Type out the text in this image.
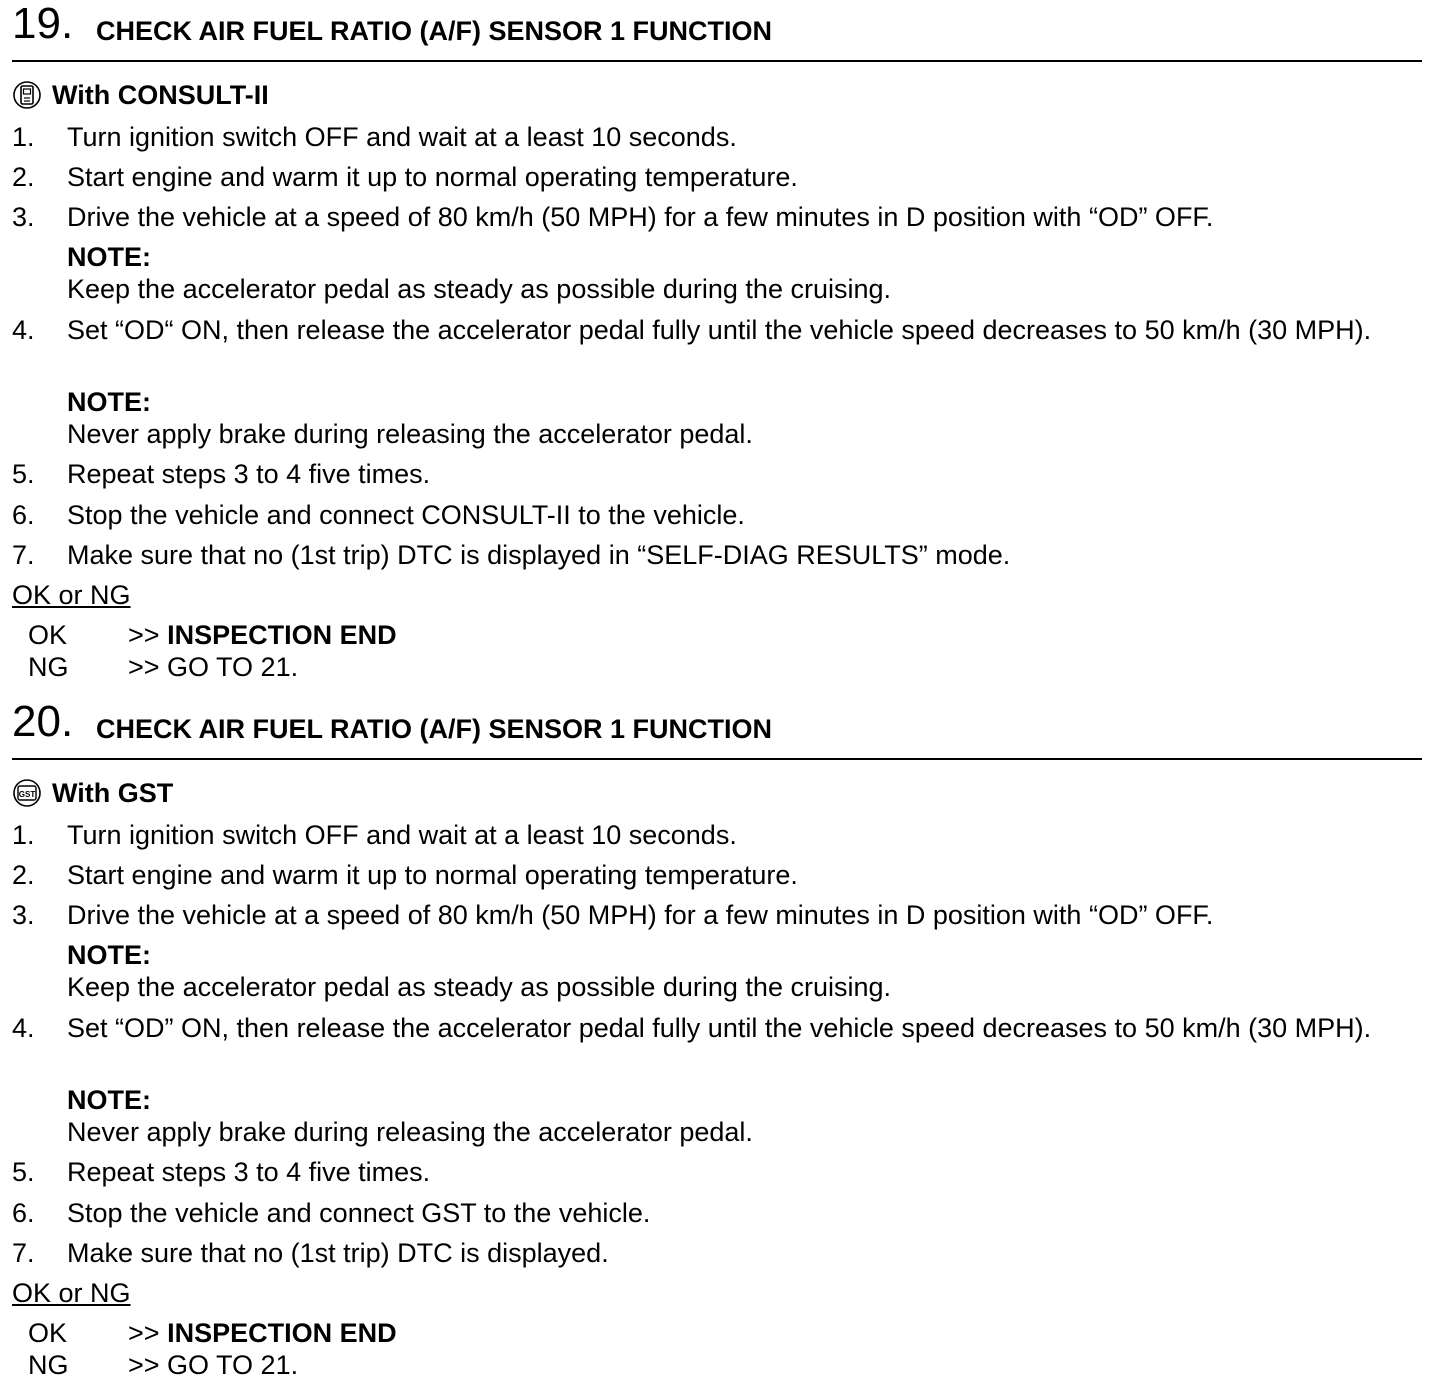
19. CHECK AIR FUEL RATIO (A/F) SENSOR 1 FUNCTION
With CONSULT-II
1. Turn ignition switch OFF and wait at a least 10 seconds.
2. Start engine and warm it up to normal operating temperature.
3. Drive the vehicle at a speed of 80 km/h (50 MPH) for a few minutes in D position with “OD” OFF.
NOTE:
Keep the accelerator pedal as steady as possible during the cruising.
4. Set “OD“ ON, then release the accelerator pedal fully until the vehicle speed decreases to 50 km/h (30 MPH).
NOTE:
Never apply brake during releasing the accelerator pedal.
5. Repeat steps 3 to 4 five times.
6. Stop the vehicle and connect CONSULT-II to the vehicle.
7. Make sure that no (1st trip) DTC is displayed in “SELF-DIAG RESULTS” mode.
OK or NG
OK >> INSPECTION END
NG >> GO TO 21.
20. CHECK AIR FUEL RATIO (A/F) SENSOR 1 FUNCTION
GST With GST
1. Turn ignition switch OFF and wait at a least 10 seconds.
2. Start engine and warm it up to normal operating temperature.
3. Drive the vehicle at a speed of 80 km/h (50 MPH) for a few minutes in D position with “OD” OFF.
NOTE:
Keep the accelerator pedal as steady as possible during the cruising.
4. Set “OD” ON, then release the accelerator pedal fully until the vehicle speed decreases to 50 km/h (30 MPH).
NOTE:
Never apply brake during releasing the accelerator pedal.
5. Repeat steps 3 to 4 five times.
6. Stop the vehicle and connect GST to the vehicle.
7. Make sure that no (1st trip) DTC is displayed.
OK or NG
OK >> INSPECTION END
NG >> GO TO 21.
